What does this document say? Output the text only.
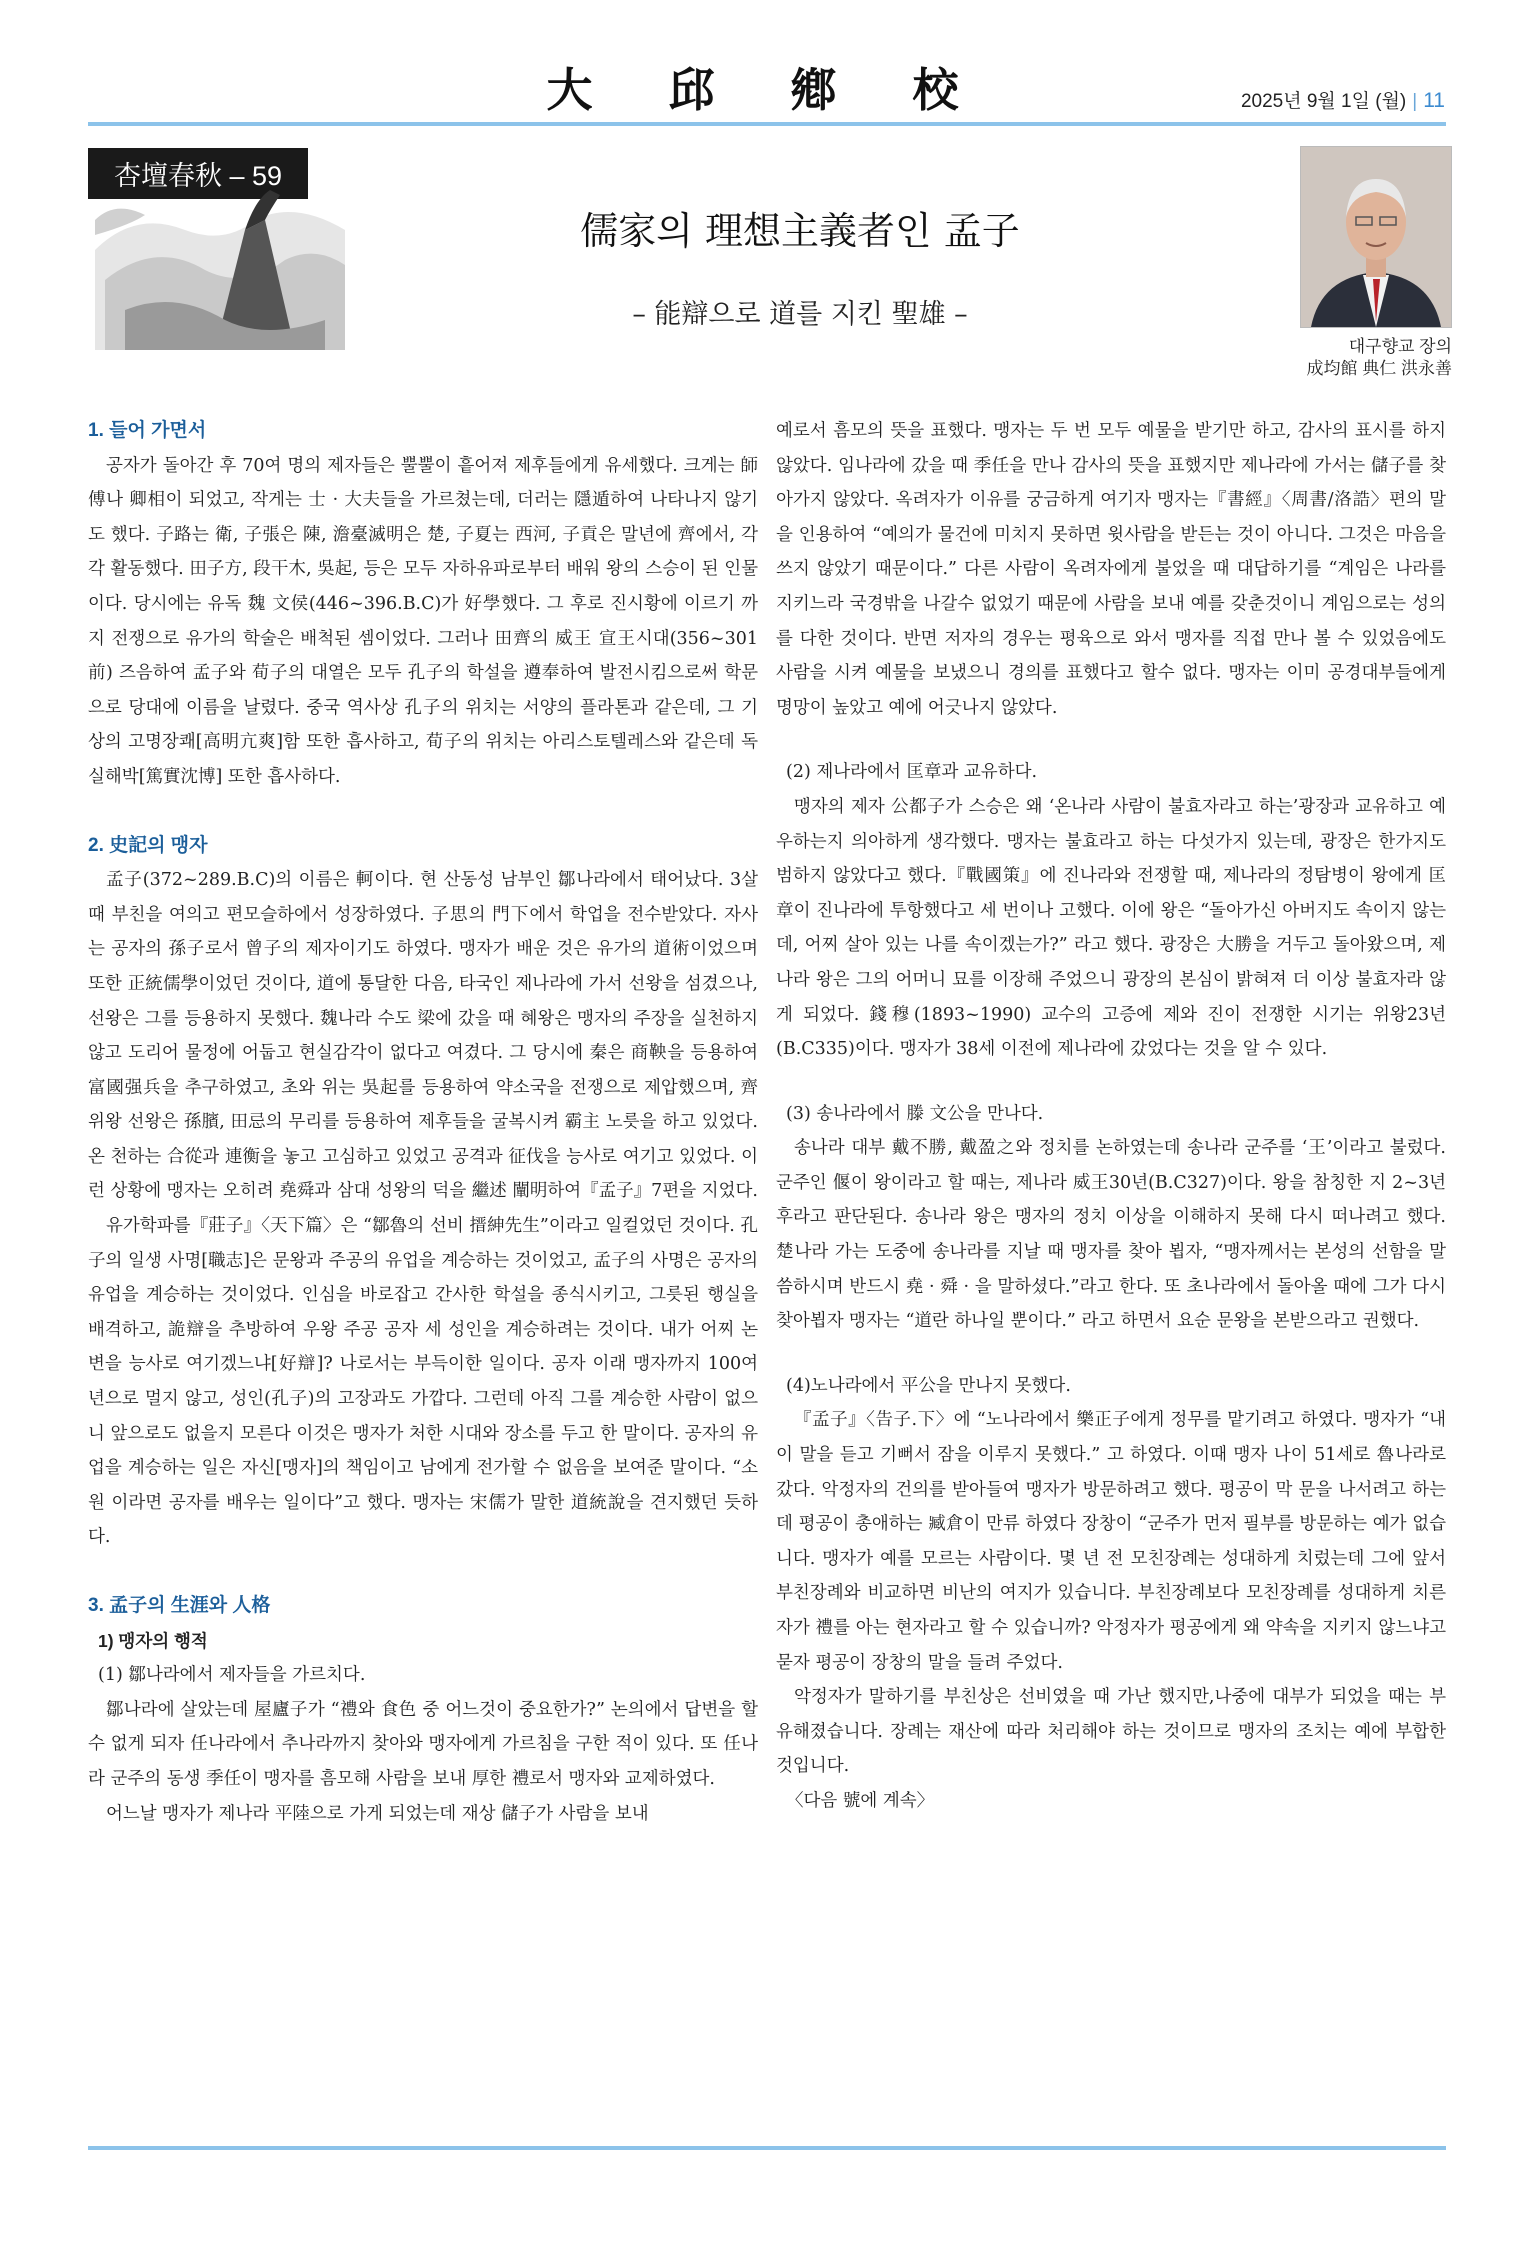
大 邱 鄕 校	2025년 9월 1일 (월) | 11
杏壇春秋 – 59
儒家의 理想主義者인 孟子
– 能辯으로 道를 지킨 聖雄 –
대구향교 장의
成均館 典仁 洪永善

1. 들어 가면서

공자가 돌아간 후 70여 명의 제자들은 뿔뿔이 흩어져 제후들에게 유세했다. 크게는 師傅나 卿相이 되었고, 작게는 士 · 大夫들을 가르쳤는데, 더러는 隱遁하여 나타나지 않기도 했다. 子路는 衛, 子張은 陳, 澹臺滅明은 楚, 子夏는 西河, 子貢은 말년에 齊에서, 각각 활동했다. 田子方, 段干木, 吳起, 등은 모두 자하유파로부터 배워 왕의 스승이 된 인물이다. 당시에는 유독 魏 文侯(446~396.B.C)가 好學했다. 그 후로 진시황에 이르기 까지 전쟁으로 유가의 학술은 배척된 셈이었다. 그러나 田齊의 威王 宣王시대(356~301前) 즈음하여 孟子와 荀子의 대열은 모두 孔子의 학설을 遵奉하여 발전시킴으로써 학문으로 당대에 이름을 날렸다. 중국 역사상 孔子의 위치는 서양의 플라톤과 같은데, 그 기상의 고명장쾌[高明亢爽]함 또한 흡사하고, 荀子의 위치는 아리스토텔레스와 같은데 독실해박[篤實沈博] 또한 흡사하다.

2. 史記의 맹자

孟子(372~289.B.C)의 이름은 軻이다. 현 산동성 남부인 鄒나라에서 태어났다. 3살 때 부친을 여의고 편모슬하에서 성장하였다. 子思의 門下에서 학업을 전수받았다. 자사는 공자의 孫子로서 曾子의 제자이기도 하였다. 맹자가 배운 것은 유가의 道術이었으며 또한 正統儒學이었던 것이다, 道에 통달한 다음, 타국인 제나라에 가서 선왕을 섬겼으나, 선왕은 그를 등용하지 못했다. 魏나라 수도 梁에 갔을 때 혜왕은 맹자의 주장을 실천하지 않고 도리어 물정에 어둡고 현실감각이 없다고 여겼다. 그 당시에 秦은 商鞅을 등용하여 富國强兵을 추구하였고, 초와 위는 吳起를 등용하여 약소국을 전쟁으로 제압했으며, 齊 위왕 선왕은 孫臏, 田忌의 무리를 등용하여 제후들을 굴복시켜 霸主 노릇을 하고 있었다. 온 천하는 合從과 連衡을 놓고 고심하고 있었고 공격과 征伐을 능사로 여기고 있었다. 이런 상황에 맹자는 오히려 堯舜과 삼대 성왕의 덕을 繼述 闡明하여『孟子』7편을 지었다.

유가학파를『莊子』〈天下篇〉은 “鄒魯의 선비 搢紳先生”이라고 일컬었던 것이다. 孔子의 일생 사명[職志]은 문왕과 주공의 유업을 계승하는 것이었고, 孟子의 사명은 공자의 유업을 계승하는 것이었다. 인심을 바로잡고 간사한 학설을 종식시키고, 그릇된 행실을 배격하고, 詭辯을 추방하여 우왕 주공 공자 세 성인을 계승하려는 것이다. 내가 어찌 논변을 능사로 여기겠느냐[好辯]? 나로서는 부득이한 일이다. 공자 이래 맹자까지 100여 년으로 멀지 않고, 성인(孔子)의 고장과도 가깝다. 그런데 아직 그를 계승한 사람이 없으니 앞으로도 없을지 모른다 이것은 맹자가 처한 시대와 장소를 두고 한 말이다. 공자의 유업을 계승하는 일은 자신[맹자]의 책임이고 남에게 전가할 수 없음을 보여준 말이다. “소원 이라면 공자를 배우는 일이다”고 했다. 맹자는 宋儒가 말한 道統說을 견지했던 듯하다.

3. 孟子의 生涯와 人格

1) 맹자의 행적

(1) 鄒나라에서 제자들을 가르치다.

鄒나라에 살았는데 屋廬子가 “禮와 食色 중 어느것이 중요한가?” 논의에서 답변을 할 수 없게 되자 任나라에서 추나라까지 찾아와 맹자에게 가르침을 구한 적이 있다. 또 任나라 군주의 동생 季任이 맹자를 흠모해 사람을 보내 厚한 禮로서 맹자와 교제하였다.

어느날 맹자가 제나라 平陸으로 가게 되었는데 재상 儲子가 사람을 보내

예로서 흠모의 뜻을 표했다. 맹자는 두 번 모두 예물을 받기만 하고, 감사의 표시를 하지 않았다. 임나라에 갔을 때 季任을 만나 감사의 뜻을 표했지만 제나라에 가서는 儲子를 찾아가지 않았다. 옥려자가 이유를 궁금하게 여기자 맹자는『書經』〈周書/洛誥〉편의 말을 인용하여 “예의가 물건에 미치지 못하면 윗사람을 받든는 것이 아니다. 그것은 마음을 쓰지 않았기 때문이다.” 다른 사람이 옥려자에게 불었을 때 대답하기를 “계임은 나라를 지키느라 국경밖을 나갈수 없었기 때문에 사람을 보내 예를 갖춘것이니 계임으로는 성의를 다한 것이다. 반면 저자의 경우는 평육으로 와서 맹자를 직접 만나 볼 수 있었음에도 사람을 시켜 예물을 보냈으니 경의를 표했다고 할수 없다. 맹자는 이미 공경대부들에게 명망이 높았고 예에 어긋나지 않았다.

(2) 제나라에서 匡章과 교유하다.

맹자의 제자 公都子가 스승은 왜 ‘온나라 사람이 불효자라고 하는’광장과 교유하고 예우하는지 의아하게 생각했다. 맹자는 불효라고 하는 다섯가지 있는데, 광장은 한가지도 범하지 않았다고 했다.『戰國策』에 진나라와 전쟁할 때, 제나라의 정탐병이 왕에게 匡章이 진나라에 투항했다고 세 번이나 고했다. 이에 왕은 “돌아가신 아버지도 속이지 않는데, 어찌 살아 있는 나를 속이겠는가?” 라고 했다. 광장은 大勝을 거두고 돌아왔으며, 제나라 왕은 그의 어머니 묘를 이장해 주었으니 광장의 본심이 밝혀져 더 이상 불효자라 않게 되었다. 錢穆(1893~1990) 교수의 고증에 제와 진이 전쟁한 시기는 위왕23년(B.C335)이다. 맹자가 38세 이전에 제나라에 갔었다는 것을 알 수 있다.

(3) 송나라에서 滕 文公을 만나다.

송나라 대부 戴不勝, 戴盈之와 정치를 논하였는데 송나라 군주를 ‘王’이라고 불렀다. 군주인 偃이 왕이라고 할 때는, 제나라 威王30년(B.C327)이다. 왕을 참칭한 지 2~3년 후라고 판단된다. 송나라 왕은 맹자의 정치 이상을 이해하지 못해 다시 떠나려고 했다. 楚나라 가는 도중에 송나라를 지날 때 맹자를 찾아 뵙자, “맹자께서는 본성의 선함을 말씀하시며 반드시 堯 · 舜 · 을 말하셨다.”라고 한다. 또 초나라에서 돌아올 때에 그가 다시 찾아뵙자 맹자는 “道란 하나일 뿐이다.” 라고 하면서 요순 문왕을 본받으라고 권했다.

(4)노나라에서 平公을 만나지 못했다.

『孟子』〈告子.下〉에 “노나라에서 樂正子에게 정무를 맡기려고 하였다. 맹자가 “내 이 말을 듣고 기뻐서 잠을 이루지 못했다.” 고 하였다. 이때 맹자 나이 51세로 魯나라로 갔다. 악정자의 건의를 받아들여 맹자가 방문하려고 했다. 평공이 막 문을 나서려고 하는데 평공이 총애하는 臧倉이 만류 하였다 장창이 “군주가 먼저 필부를 방문하는 예가 없습니다. 맹자가 예를 모르는 사람이다. 몇 년 전 모친장례는 성대하게 치렀는데 그에 앞서 부친장례와 비교하면 비난의 여지가 있습니다. 부친장례보다 모친장례를 성대하게 치른 자가 禮를 아는 현자라고 할 수 있습니까? 악정자가 평공에게 왜 약속을 지키지 않느냐고 묻자 평공이 장창의 말을 들려 주었다.

악정자가 말하기를 부친상은 선비였을 때 가난 했지만,나중에 대부가 되었을 때는 부유해졌습니다. 장례는 재산에 따라 처리해야 하는 것이므로 맹자의 조치는 예에 부합한 것입니다.

〈다음 號에 계속〉
